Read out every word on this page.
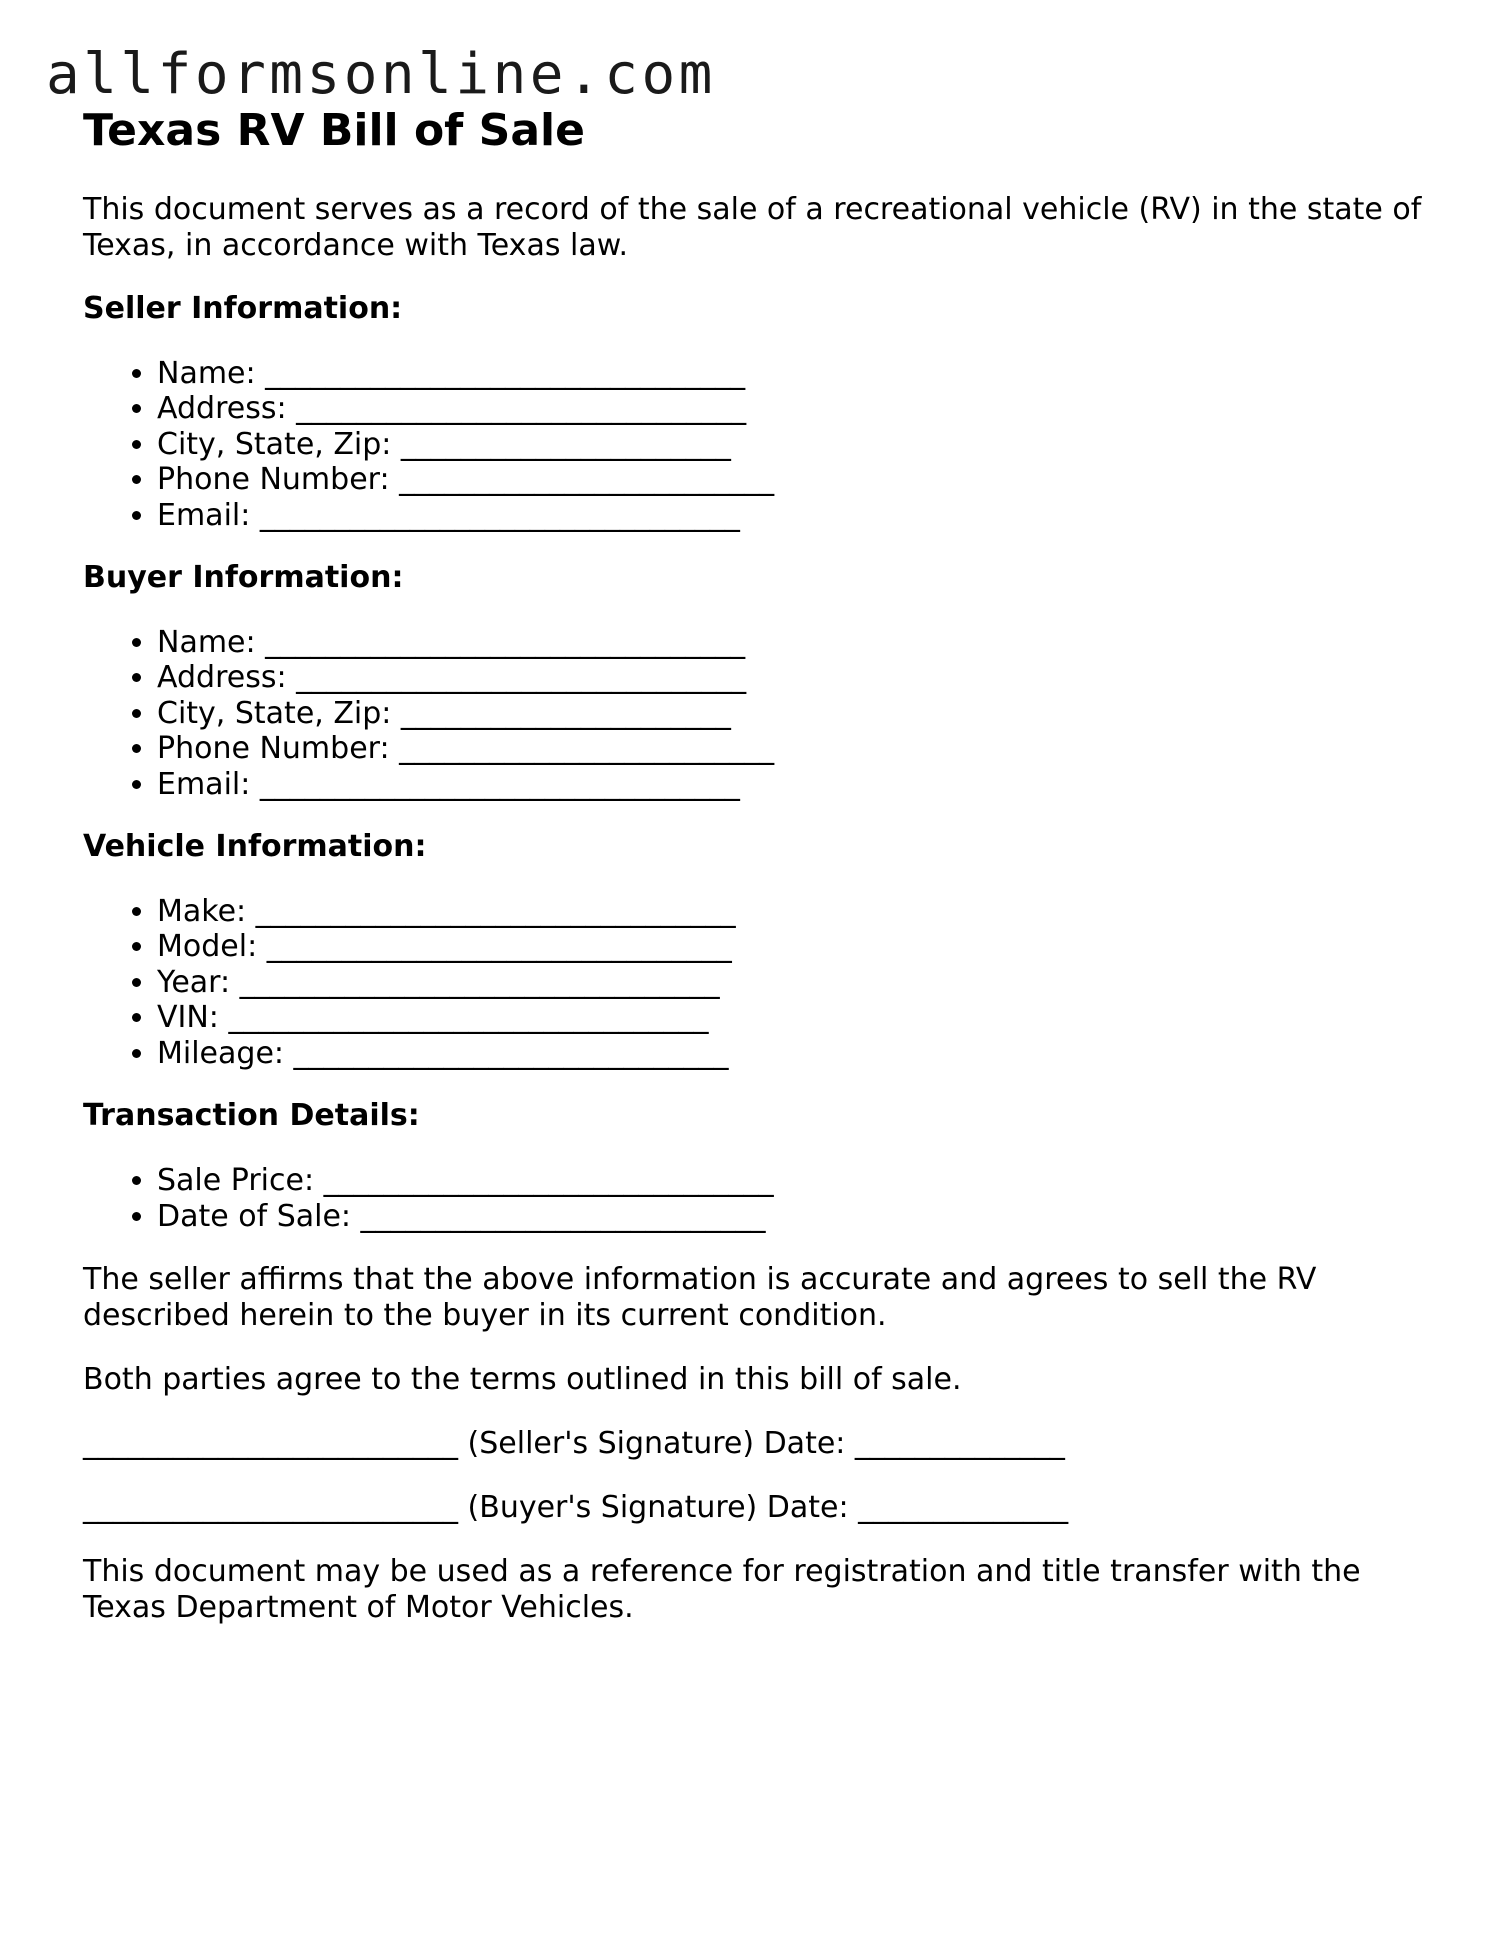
allformsonline.com
Texas RV Bill of Sale

This document serves as a record of the sale of a recreational vehicle (RV) in the state of Texas, in accordance with Texas law.

Seller Information:
• Name: ________________________________
• Address: ______________________________
• City, State, Zip: ______________________
• Phone Number: _________________________
• Email: ________________________________
Buyer Information:
• Name: ________________________________
• Address: ______________________________
• City, State, Zip: ______________________
• Phone Number: _________________________
• Email: ________________________________
Vehicle Information:
• Make: ________________________________
• Model: _______________________________
• Year: ________________________________
• VIN: ________________________________
• Mileage: _____________________________
Transaction Details:
• Sale Price: ______________________________
• Date of Sale: ___________________________

The seller affirms that the above information is accurate and agrees to sell the RV described herein to the buyer in its current condition.

Both parties agree to the terms outlined in this bill of sale.

_________________________ (Seller's Signature) Date: ______________

_________________________ (Buyer's Signature) Date: ______________

This document may be used as a reference for registration and title transfer with the Texas Department of Motor Vehicles.
